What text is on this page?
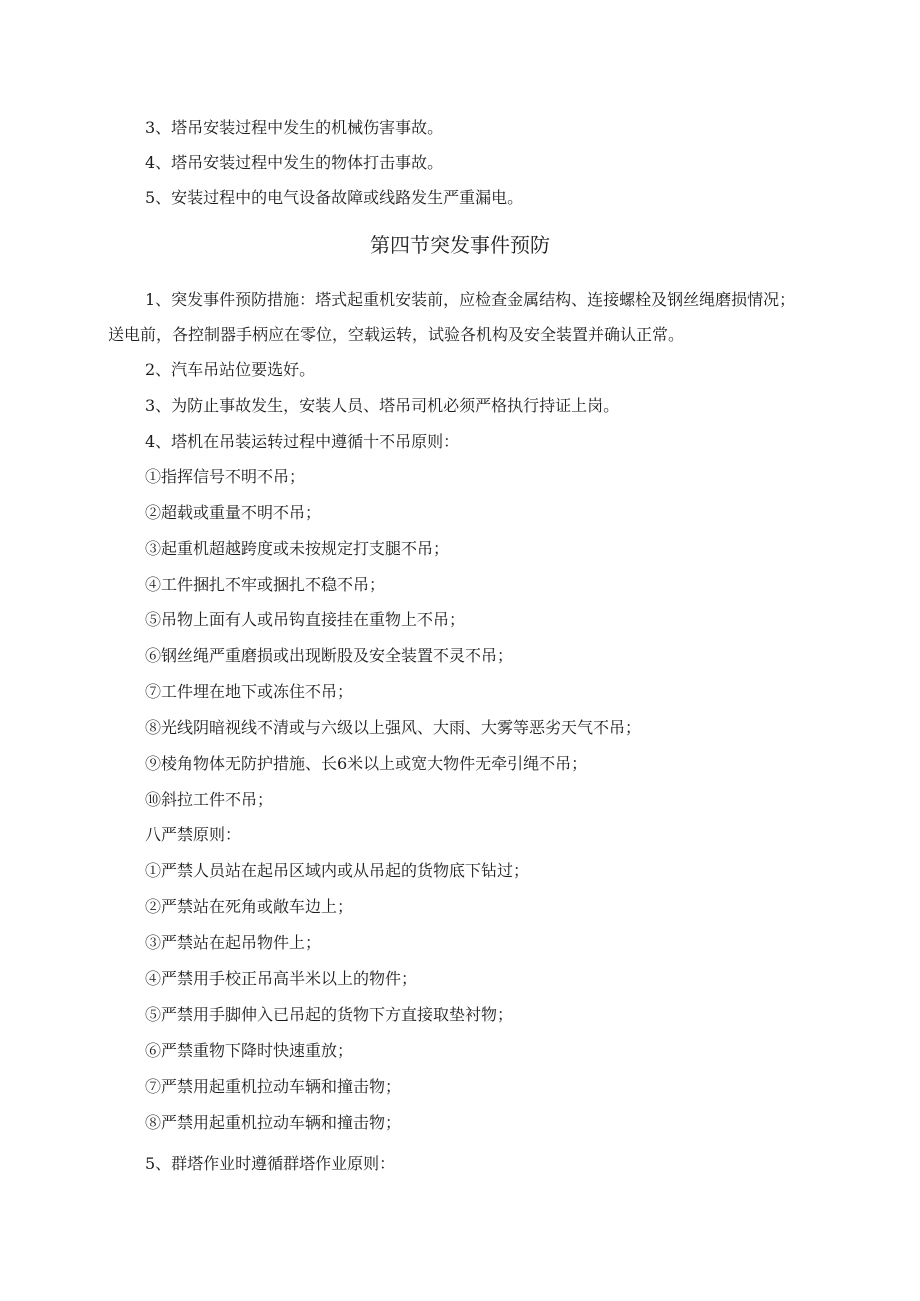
3、塔吊安装过程中发生的机械伤害事故。
4、塔吊安装过程中发生的物体打击事故。
5、安装过程中的电气设备故障或线路发生严重漏电。
第四节突发事件预防
1、突发事件预防措施：塔式起重机安装前，应检查金属结构、连接螺栓及钢丝绳磨损情况；
送电前，各控制器手柄应在零位，空载运转，试验各机构及安全装置并确认正常。
2、汽车吊站位要选好。
3、为防止事故发生，安装人员、塔吊司机必须严格执行持证上岗。
4、塔机在吊装运转过程中遵循十不吊原则：
①指挥信号不明不吊；
②超载或重量不明不吊；
③起重机超越跨度或未按规定打支腿不吊；
④工件捆扎不牢或捆扎不稳不吊；
⑤吊物上面有人或吊钩直接挂在重物上不吊；
⑥钢丝绳严重磨损或出现断股及安全装置不灵不吊；
⑦工件埋在地下或冻住不吊；
⑧光线阴暗视线不清或与六级以上强风、大雨、大雾等恶劣天气不吊；
⑨棱角物体无防护措施、长6米以上或宽大物件无牵引绳不吊；
⑩斜拉工件不吊；
八严禁原则：
①严禁人员站在起吊区域内或从吊起的货物底下钻过；
②严禁站在死角或敞车边上；
③严禁站在起吊物件上；
④严禁用手校正吊高半米以上的物件；
⑤严禁用手脚伸入已吊起的货物下方直接取垫衬物；
⑥严禁重物下降时快速重放；
⑦严禁用起重机拉动车辆和撞击物；
⑧严禁用起重机拉动车辆和撞击物；
5、群塔作业时遵循群塔作业原则：
